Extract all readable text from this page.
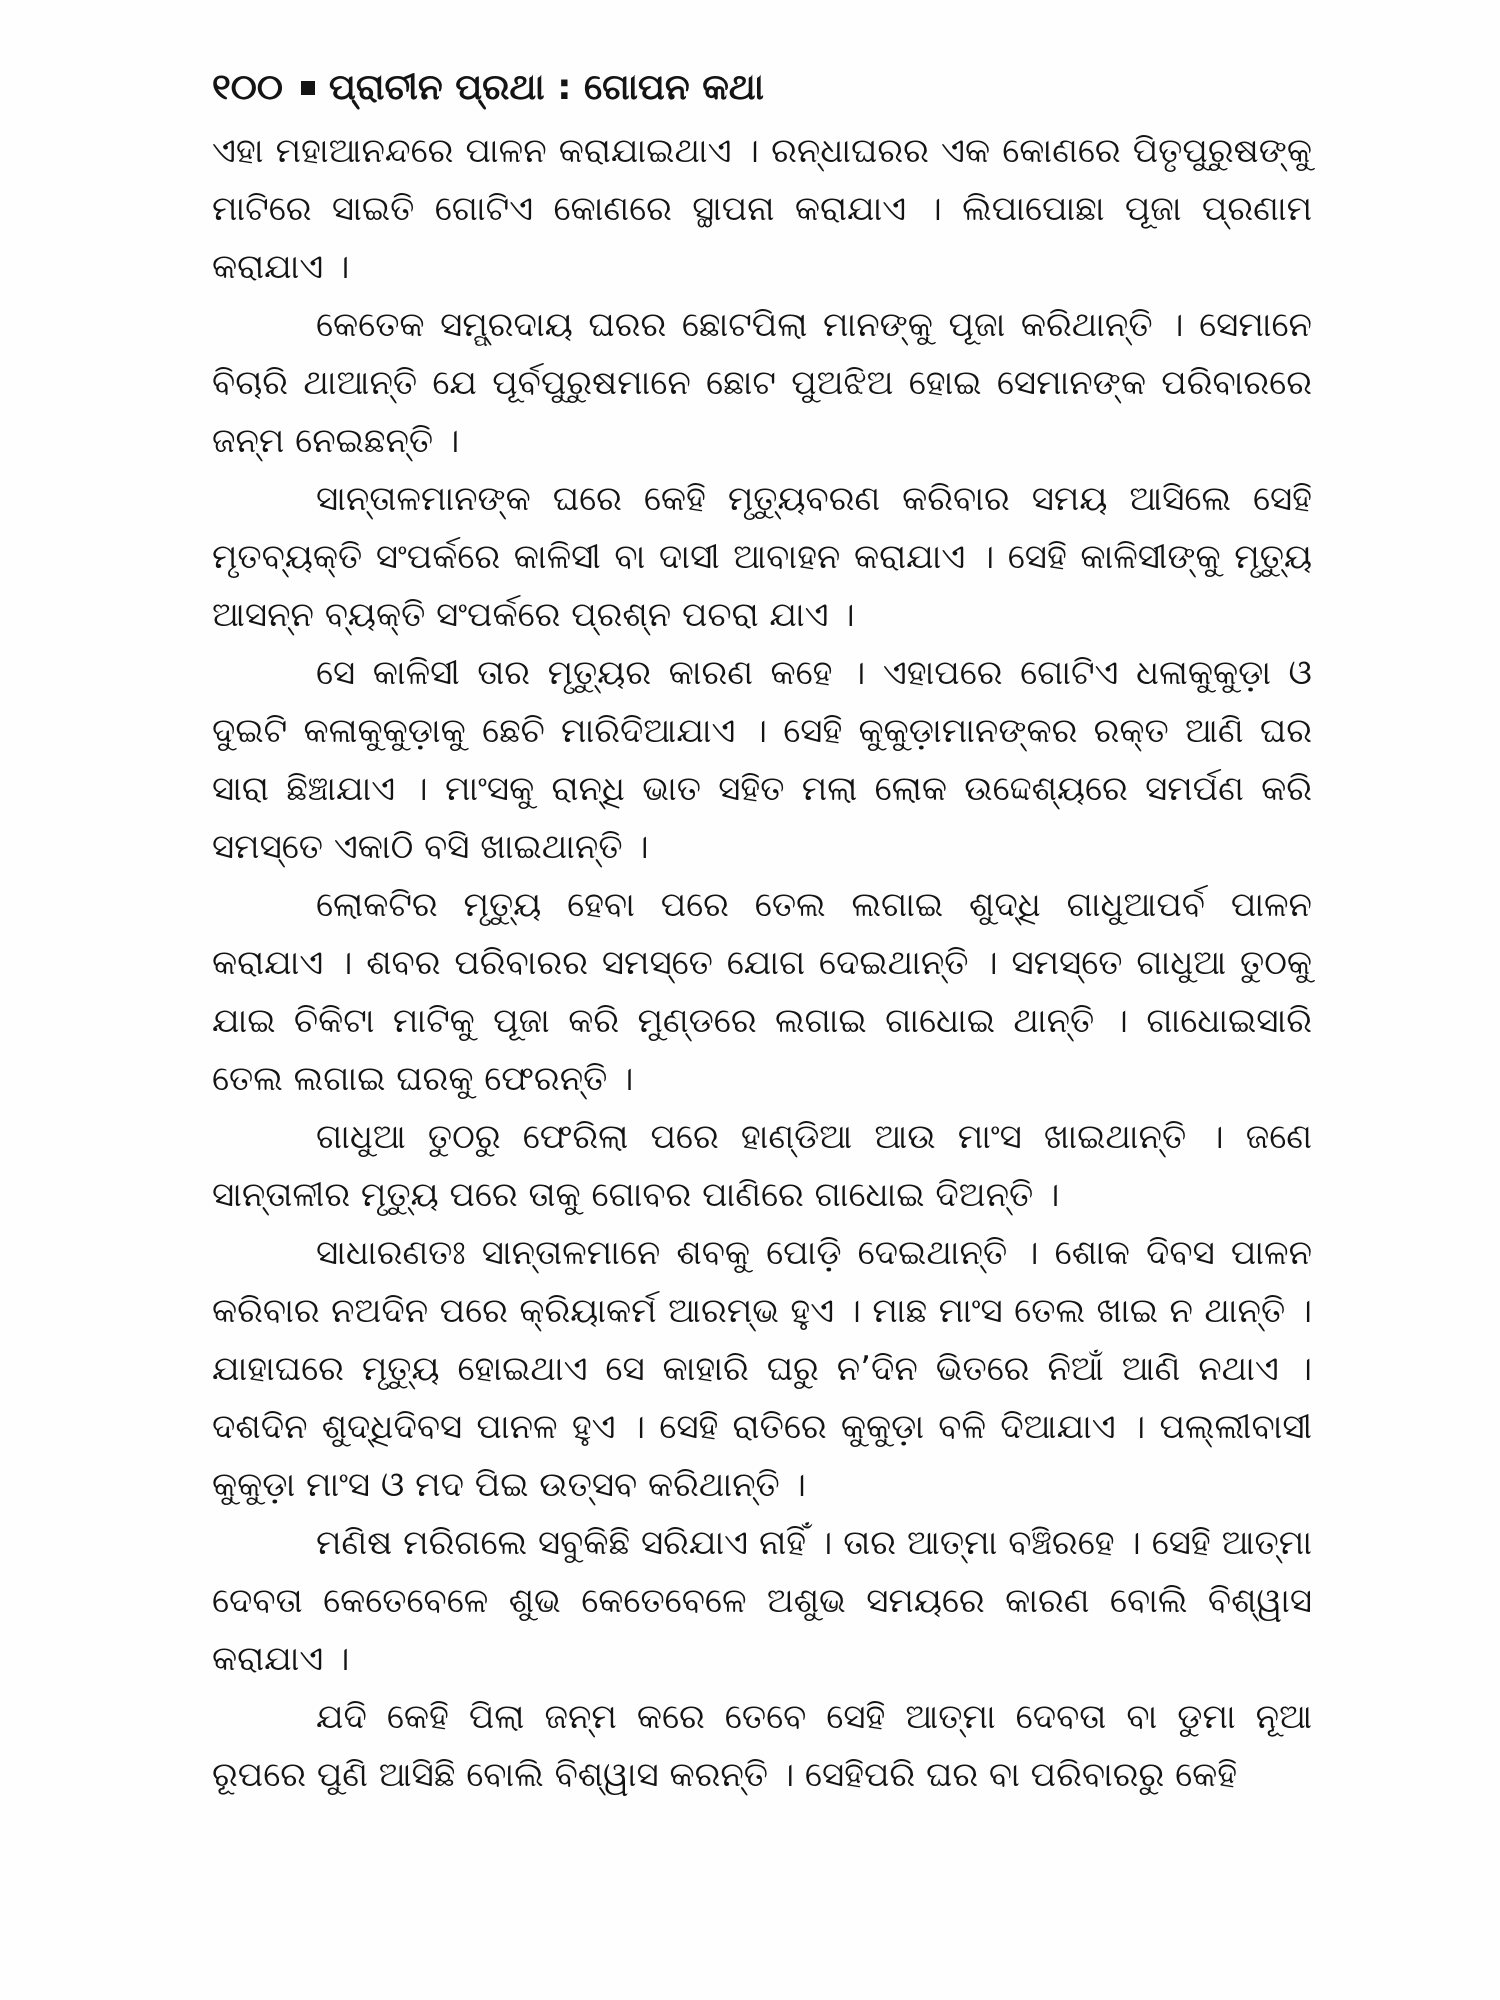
୧୦୦ ପ୍ରାଚୀନ ପ୍ରଥା : ଗୋପନ କଥା

ଏହା ମହାଆନନ୍ଦରେ ପାଳନ କରାଯାଇଥାଏ । ରନ୍ଧାଘରର ଏକ କୋଣରେ ପିତୃପୁରୁଷଙ୍କୁ ମାଟିରେ ସାଇତି ଗୋଟିଏ କୋଣରେ ସ୍ଥାପନା କରାଯାଏ । ଲିପାପୋଛା ପୂଜା ପ୍ରଣାମ କରାଯାଏ ।

କେତେକ ସମ୍ପ୍ରଦାୟ ଘରର ଛୋଟପିଲା ମାନଙ୍କୁ ପୂଜା କରିଥାନ୍ତି । ସେମାନେ ବିଚାରି ଥାଆନ୍ତି ଯେ ପୂର୍ବପୁରୁଷମାନେ ଛୋଟ ପୁଅଝିଅ ହୋଇ ସେମାନଙ୍କ ପରିବାରରେ ଜନ୍ମ ନେଇଛନ୍ତି ।

ସାନ୍ତାଳମାନଙ୍କ ଘରେ କେହି ମୃତ୍ୟୁବରଣ କରିବାର ସମୟ ଆସିଲେ ସେହି ମୃତବ୍ୟକ୍ତି ସଂପର୍କରେ କାଳିସୀ ବା ଦାସୀ ଆବାହନ କରାଯାଏ । ସେହି କାଳିସୀଙ୍କୁ ମୃତ୍ୟୁ ଆସନ୍ନ ବ୍ୟକ୍ତି ସଂପର୍କରେ ପ୍ରଶ୍ନ ପଚରା ଯାଏ ।

ସେ କାଳିସୀ ତାର ମୃତ୍ୟୁର କାରଣ କହେ । ଏହାପରେ ଗୋଟିଏ ଧଳାକୁକୁଡ଼ା ଓ ଦୁଇଟି କଳାକୁକୁଡ଼ାକୁ ଛେଚି ମାରିଦିଆଯାଏ । ସେହି କୁକୁଡ଼ାମାନଙ୍କର ରକ୍ତ ଆଣି ଘର ସାରା ଛିଞ୍ଚାଯାଏ । ମାଂସକୁ ରାନ୍ଧି ଭାତ ସହିତ ମଲା ଲୋକ ଉଦ୍ଦେଶ୍ୟରେ ସମର୍ପଣ କରି ସମସ୍ତେ ଏକାଠି ବସି ଖାଇଥାନ୍ତି ।

ଲୋକଟିର ମୃତ୍ୟୁ ହେବା ପରେ ତେଲ ଲଗାଇ ଶୁଦ୍ଧି ଗାଧୁଆପର୍ବ ପାଳନ କରାଯାଏ । ଶବର ପରିବାରର ସମସ୍ତେ ଯୋଗ ଦେଇଥାନ୍ତି । ସମସ୍ତେ ଗାଧୁଆ ତୁଠକୁ ଯାଇ ଚିକିଟା ମାଟିକୁ ପୂଜା କରି ମୁଣ୍ଡରେ ଲଗାଇ ଗାଧୋଇ ଥାନ୍ତି । ଗାଧୋଇସାରି ତେଲ ଲଗାଇ ଘରକୁ ଫେରନ୍ତି ।

ଗାଧୁଆ ତୁଠରୁ ଫେରିଲା ପରେ ହାଣ୍ଡିଆ ଆଉ ମାଂସ ଖାଇଥାନ୍ତି । ଜଣେ ସାନ୍ତାଳୀର ମୃତ୍ୟୁ ପରେ ତାକୁ ଗୋବର ପାଣିରେ ଗାଧୋଇ ଦିଅନ୍ତି ।

ସାଧାରଣତଃ ସାନ୍ତାଳମାନେ ଶବକୁ ପୋଡ଼ି ଦେଇଥାନ୍ତି । ଶୋକ ଦିବସ ପାଳନ କରିବାର ନଅଦିନ ପରେ କ୍ରିୟାକର୍ମ ଆରମ୍ଭ ହୁଏ । ମାଛ ମାଂସ ତେଲ ଖାଇ ନ ଥାନ୍ତି । ଯାହାଘରେ ମୃତ୍ୟୁ ହୋଇଥାଏ ସେ କାହାରି ଘରୁ ନ’ଦିନ ଭିତରେ ନିଆଁ ଆଣି ନଥାଏ । ଦଶଦିନ ଶୁଦ୍ଧିଦିବସ ପାନଳ ହୁଏ । ସେହି ରାତିରେ କୁକୁଡ଼ା ବଳି ଦିଆଯାଏ । ପଲ୍ଲୀବାସୀ କୁକୁଡ଼ା ମାଂସ ଓ ମଦ ପିଇ ଉତ୍ସବ କରିଥାନ୍ତି ।

ମଣିଷ ମରିଗଲେ ସବୁକିଛି ସରିଯାଏ ନାହିଁ । ତାର ଆତ୍ମା ବଞ୍ଚିରହେ । ସେହି ଆତ୍ମା ଦେବତା କେତେବେଳେ ଶୁଭ କେତେବେଳେ ଅଶୁଭ ସମୟରେ କାରଣ ବୋଲି ବିଶ୍ୱାସ କରାଯାଏ ।

ଯଦି କେହି ପିଲା ଜନ୍ମ କରେ ତେବେ ସେହି ଆତ୍ମା ଦେବତା ବା ଡୁମା ନୂଆ ରୂପରେ ପୁଣି ଆସିଛି ବୋଲି ବିଶ୍ୱାସ କରନ୍ତି । ସେହିପରି ଘର ବା ପରିବାରରୁ କେହି
